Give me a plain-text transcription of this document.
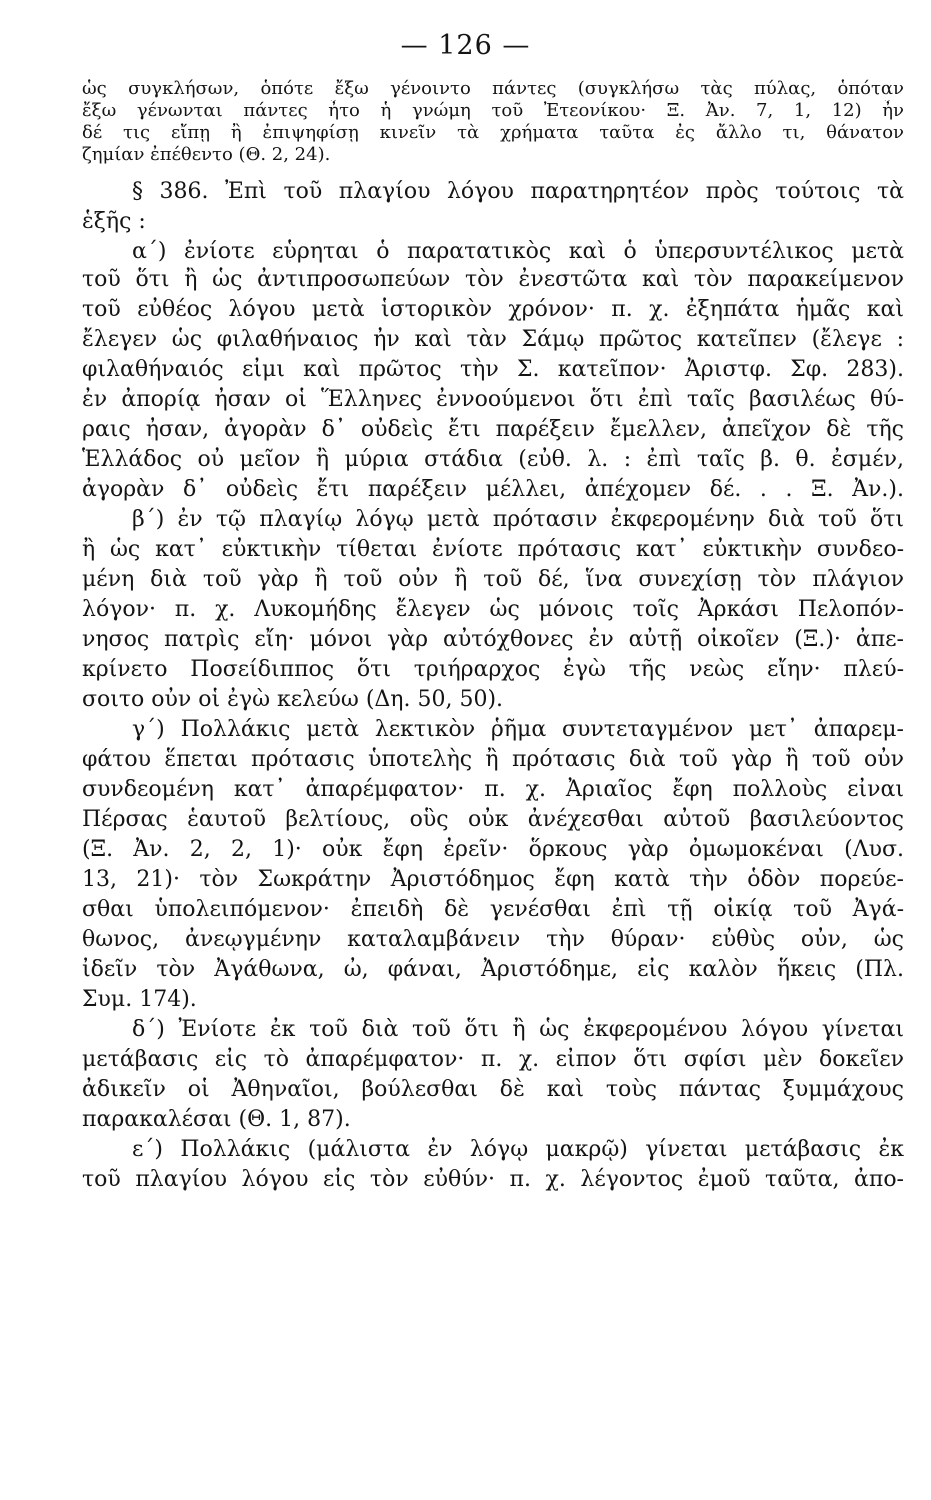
— 126 —
ὡς συγκλήσων, ὁπότε ἔξω γένοιντο πάντες (συγκλήσω τὰς πύλας, ὁπόταν
ἔξω γένωνται πάντες ἦτο ἡ γνώμη τοῦ Ἐτεονίκου· Ξ. Ἀν. 7, 1, 12) ἦν
δέ τις εἴπῃ ἢ ἐπιψηφίσῃ κινεῖν τὰ χρήματα ταῦτα ἐς ἄλλο τι, θάνατον
ζημίαν ἐπέθεντο (Θ. 2, 24).
§ 386. Ἐπὶ τοῦ πλαγίου λόγου παρατηρητέον πρὸς τούτοις τὰ
ἑξῆς :
α΄) ἐνίοτε εὑρηται ὁ παρατατικὸς καὶ ὁ ὑπερσυντέλικος μετὰ
τοῦ ὅτι ἢ ὡς ἀντιπροσωπεύων τὸν ἐνεστῶτα καὶ τὸν παρακείμενον
τοῦ εὐθέος λόγου μετὰ ἱστορικὸν χρόνον· π. χ. ἐξηπάτα ἡμᾶς καὶ
ἔλεγεν ὡς φιλαθήναιος ἦν καὶ τὰν Σάμῳ πρῶτος κατεῖπεν (ἔλεγε :
φιλαθήναιός εἰμι καὶ πρῶτος τὴν Σ. κατεῖπον· Ἀριστφ. Σφ. 283).
ἐν ἀπορίᾳ ἦσαν οἱ Ἕλληνες ἐννοούμενοι ὅτι ἐπὶ ταῖς βασιλέως θύ-
ραις ἦσαν, ἀγορὰν δ᾽ οὐδεὶς ἔτι παρέξειν ἔμελλεν, ἀπεῖχον δὲ τῆς
Ἑλλάδος οὐ μεῖον ἢ μύρια στάδια (εὐθ. λ. : ἐπὶ ταῖς β. θ. ἐσμέν,
ἀγορὰν δ᾽ οὐδεὶς ἔτι παρέξειν μέλλει, ἀπέχομεν δέ. . . Ξ. Ἀν.).
β΄) ἐν τῷ πλαγίῳ λόγῳ μετὰ πρότασιν ἐκφερομένην διὰ τοῦ ὅτι
ἢ ὡς κατ᾽ εὐκτικὴν τίθεται ἐνίοτε πρότασις κατ᾽ εὐκτικὴν συνδεο-
μένη διὰ τοῦ γὰρ ἢ τοῦ οὖν ἢ τοῦ δέ, ἵνα συνεχίσῃ τὸν πλάγιον
λόγον· π. χ. Λυκομήδης ἔλεγεν ὡς μόνοις τοῖς Ἀρκάσι Πελοπόν-
νησος πατρὶς εἴη· μόνοι γὰρ αὐτόχθονες ἐν αὐτῇ οἰκοῖεν (Ξ.)· ἀπε-
κρίνετο Ποσείδιππος ὅτι τριήραρχος ἐγὼ τῆς νεὼς εἴην· πλεύ-
σοιτο οὖν οἷ ἐγὼ κελεύω (Δη. 50, 50).
γ΄) Πολλάκις μετὰ λεκτικὸν ῥῆμα συντεταγμένον μετ᾽ ἀπαρεμ-
φάτου ἕπεται πρότασις ὑποτελὴς ἢ πρότασις διὰ τοῦ γὰρ ἢ τοῦ οὖν
συνδεομένη κατ᾽ ἀπαρέμφατον· π. χ. Ἀριαῖος ἔφη πολλοὺς εἶναι
Πέρσας ἑαυτοῦ βελτίους, οὓς οὐκ ἀνέχεσθαι αὐτοῦ βασιλεύοντος
(Ξ. Ἀν. 2, 2, 1)· οὐκ ἔφη ἐρεῖν· ὅρκους γὰρ ὀμωμοκέναι (Λυσ.
13, 21)· τὸν Σωκράτην Ἀριστόδημος ἔφη κατὰ τὴν ὁδὸν πορεύε-
σθαι ὑπολειπόμενον· ἐπειδὴ δὲ γενέσθαι ἐπὶ τῇ οἰκίᾳ τοῦ Ἀγά-
θωνος, ἀνεῳγμένην καταλαμβάνειν τὴν θύραν· εὐθὺς οὖν, ὡς
ἰδεῖν τὸν Ἀγάθωνα, ὦ, φάναι, Ἀριστόδημε, εἰς καλὸν ἥκεις (Πλ.
Συμ. 174).
δ΄) Ἐνίοτε ἐκ τοῦ διὰ τοῦ ὅτι ἢ ὡς ἐκφερομένου λόγου γίνεται
μετάβασις εἰς τὸ ἀπαρέμφατον· π. χ. εἶπον ὅτι σφίσι μὲν δοκεῖεν
ἀδικεῖν οἱ Ἀθηναῖοι, βούλεσθαι δὲ καὶ τοὺς πάντας ξυμμάχους
παρακαλέσαι (Θ. 1, 87).
ε΄) Πολλάκις (μάλιστα ἐν λόγῳ μακρῷ) γίνεται μετάβασις ἐκ
τοῦ πλαγίου λόγου εἰς τὸν εὐθύν· π. χ. λέγοντος ἐμοῦ ταῦτα, ἀπο-
